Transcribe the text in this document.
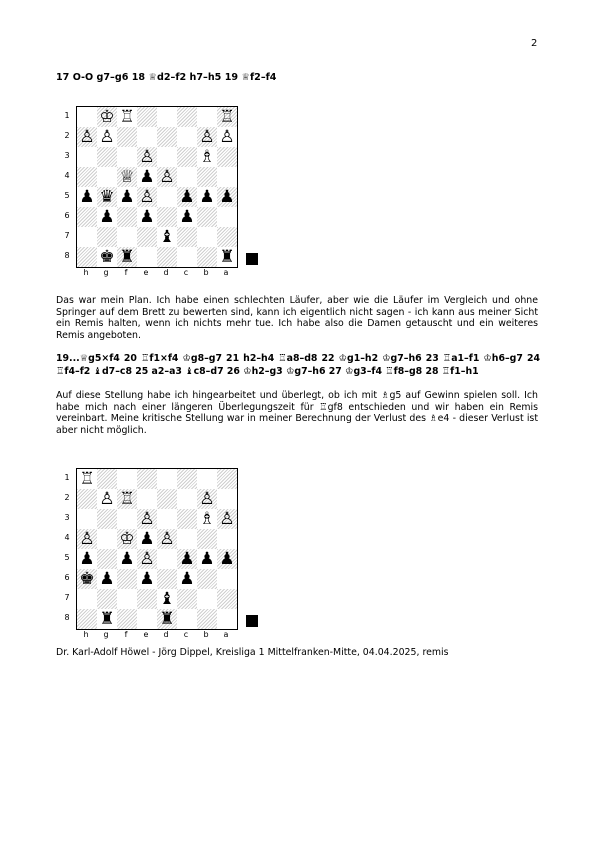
2
17 O-O g7–g6 18 ♕d2–f2 h7–h5 19 ♕f2–f4
1
2
3
4
5
6
7
8
♔ ♖	♖
♙ ♙	♙ ♙
♙	♗
♕ ♟ ♙
♟ ♛ ♟ ♙ ♟ ♟ ♟
♟ ♟ ♟
♝
♚ ♜	♜
h	g	f	e	d	c	b	a

Das war mein Plan. Ich habe einen schlechten Läufer, aber wie die Läufer im Vergleich und ohne Springer auf dem Brett zu bewerten sind, kann ich eigentlich nicht sagen - ich kann aus meiner Sicht ein Remis halten, wenn ich nichts mehr tue. Ich habe also die Damen getauscht und ein weiteres Remis angeboten.

19...♕g5×f4 20 ♖f1×f4 ♔g8–g7 21 h2–h4 ♖a8–d8 22 ♔g1–h2 ♔g7–h6 23 ♖a1–f1 ♔h6–g7 24 ♖f4–f2 ♝d7–c8 25 a2–a3 ♝c8–d7 26 ♔h2–g3 ♔g7–h6 27 ♔g3–f4 ♖f8–g8 28 ♖f1–h1

Auf diese Stellung habe ich hingearbeitet und überlegt, ob ich mit ♗g5 auf Gewinn spielen soll. Ich habe mich nach einer längeren Überlegungszeit für ♖gf8 entschieden und wir haben ein Remis vereinbart. Meine kritische Stellung war in meiner Berechnung der Verlust des ♗e4 - dieser Verlust ist aber nicht möglich.

1
2
3
4
5
6
7
8
♖
♙ ♖	♙
♙	♗ ♙
♙ ♔ ♟ ♙
♟ ♟ ♙ ♟ ♟ ♟
♚ ♟ ♟ ♟
♝
♜	♜
h	g	f	e	d	c	b	a
Dr. Karl-Adolf Höwel - Jörg Dippel, Kreisliga 1 Mittelfranken-Mitte, 04.04.2025, remis
